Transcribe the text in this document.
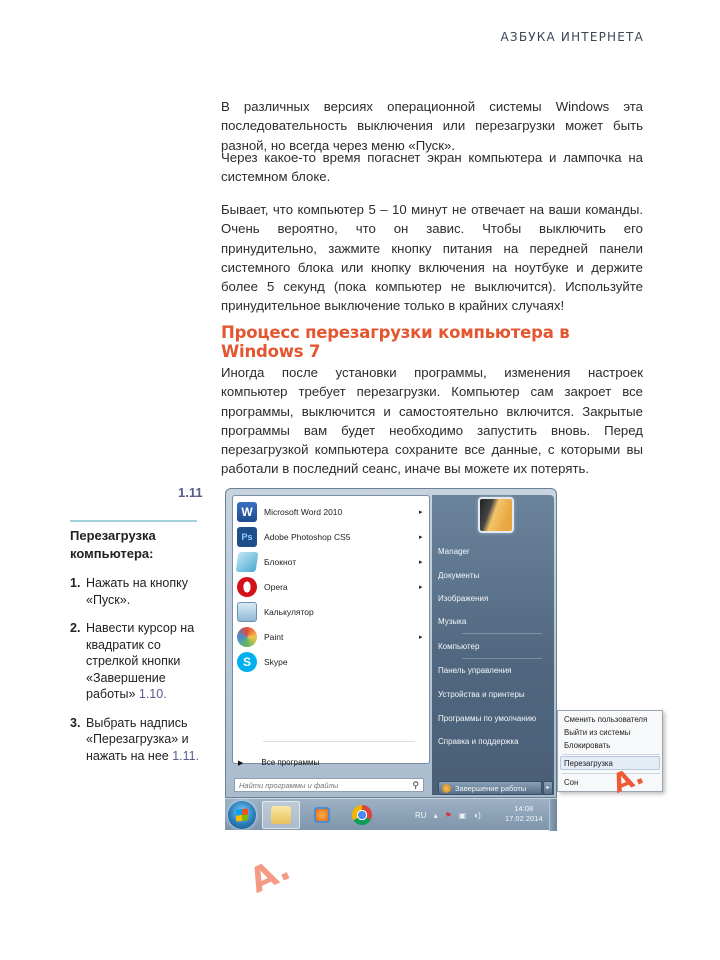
АЗБУКА ИНТЕРНЕТА

В различных версиях операционной системы Windows эта последовательность выключения или перезагрузки может быть разной, но всегда через меню «Пуск».

Через какое-то время погаснет экран компьютера и лампочка на системном блоке.

Бывает, что компьютер 5 – 10 минут не отвечает на ваши команды. Очень вероятно, что он завис. Чтобы выключить его принудительно, зажмите кнопку питания на передней панели системного блока или кнопку включения на ноутбуке и держите более 5 секунд (пока компьютер не выключится). Используйте принудительное выключение только в крайних случаях!

Процесс перезагрузки компьютера в Windows 7

Иногда после установки программы, изменения настроек компьютер требует перезагрузки. Компьютер сам закроет все программы, выключится и самостоятельно включится. Закрытые программы вам будет необходимо запустить вновь. Перед перезагрузкой компьютера сохраните все данные, с которыми вы работали в последний сеанс, иначе вы можете их потерять.

1.11
Перезагрузка компьютера:
1. Нажать на кнопку «Пуск».
2. Навести курсор на квадратик со стрелкой кнопки «Завершение работы» 1.10.
3. Выбрать надпись «Перезагрузка» и нажать на нее 1.11.
W	Microsoft Word 2010	▸
Ps	Adobe Photoshop CS5	▸
Блокнот	▸
Opera	▸
Калькулятор
Paint	▸
S	Skype
▶ Все программы
Найти программы и файлы
⚲
Manager
Документы
Изображения
Музыка
Компьютер
Панель управления
Устройства и принтеры
Программы по умолчанию
Справка и поддержка
Завершение работы	▸
Сменить пользователя
Выйти из системы
Блокировать
Перезагрузка
Сон
RU ▴ ⚑ ▣ ◖)
14:08
17.02.2014
A.
A.
